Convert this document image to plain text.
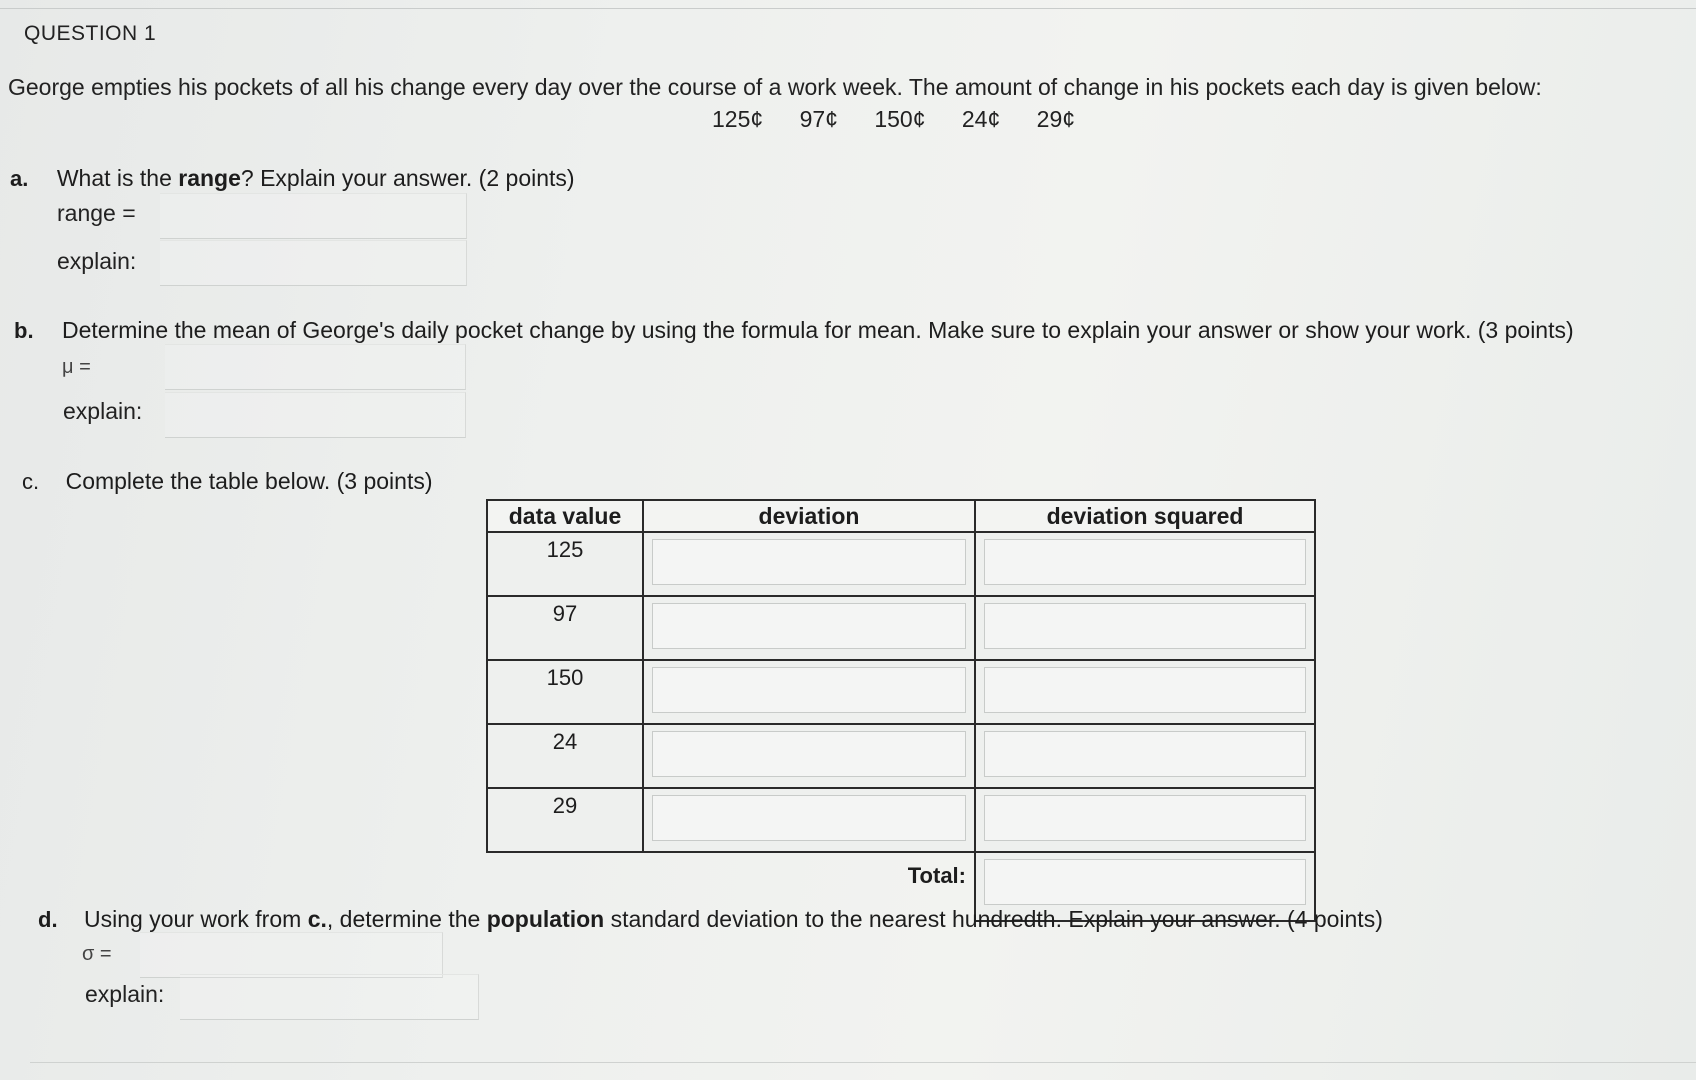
QUESTION 1
George empties his pockets of all his change every day over the course of a work week. The amount of change in his pockets each day is given below:
125¢ 97¢ 150¢ 24¢ 29¢
a. What is the range? Explain your answer. (2 points)
range =
explain:
b. Determine the mean of George's daily pocket change by using the formula for mean. Make sure to explain your answer or show your work. (3 points)
μ =
explain:
c. Complete the table below. (3 points)
data value	deviation	deviation squared
125	

97	

150	

24	

29	

	Total:	
d. Using your work from c., determine the population standard deviation to the nearest hundredth. Explain your answer. (4 points)
σ =
explain:
